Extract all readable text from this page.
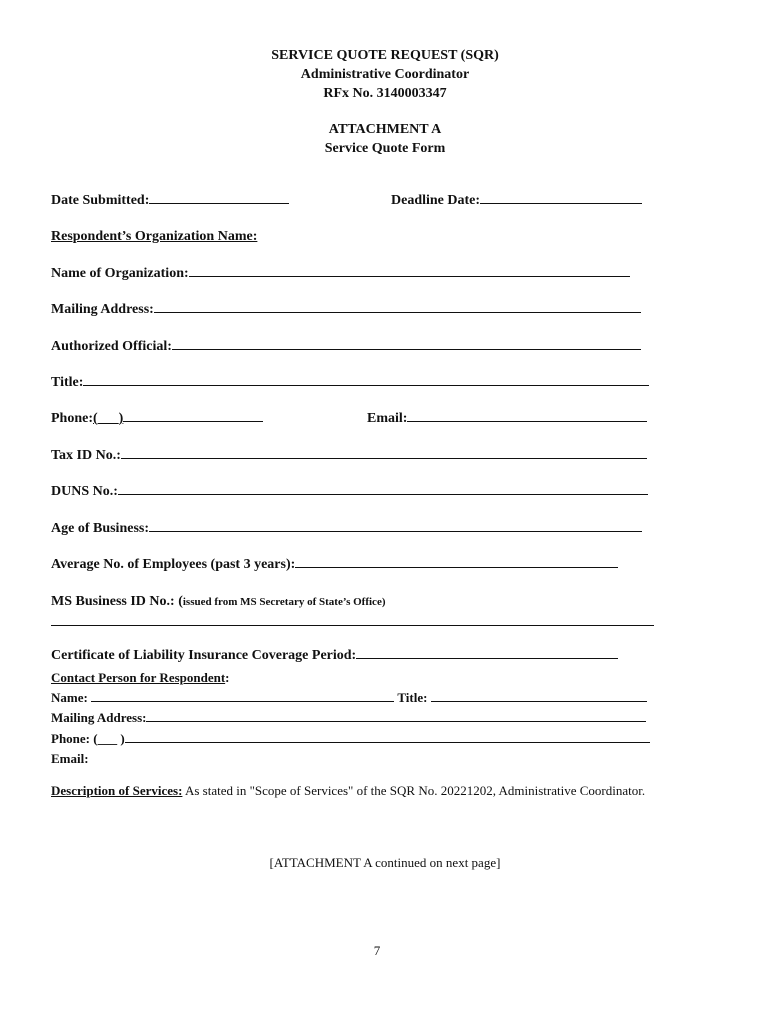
SERVICE QUOTE REQUEST (SQR)
Administrative Coordinator
RFx No. 3140003347
ATTACHMENT A
Service Quote Form
Date Submitted:	Deadline Date:
Respondent’s Organization Name:
Name of Organization:
Mailing Address:
Authorized Official:
Title:
Phone:(___)	Email:
Tax ID No.:
DUNS No.:
Age of Business:
Average No. of Employees (past 3 years):
MS Business ID No.: (issued from MS Secretary of State’s Office)
Certificate of Liability Insurance Coverage Period:
Contact Person for Respondent:
Name:	Title:
Mailing Address:
Phone: (___ )
Email:
Description of Services: As stated in "Scope of Services" of the SQR No. 20221202, Administrative Coordinator.
[ATTACHMENT A continued on next page]
7
